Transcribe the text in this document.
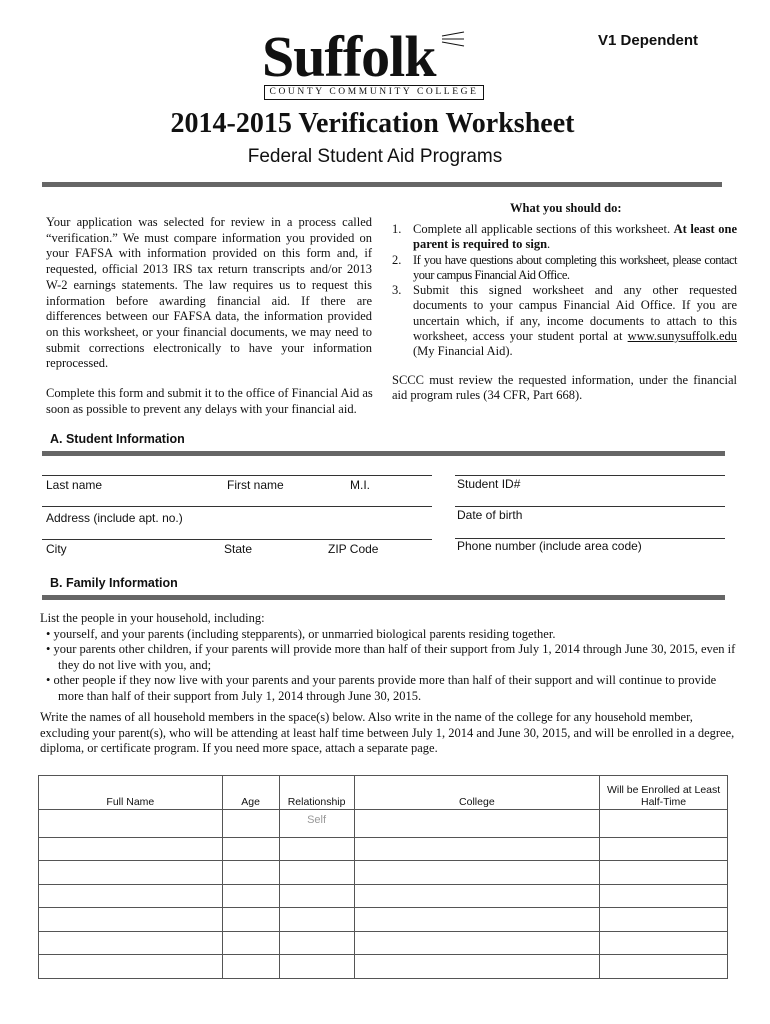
V1 Dependent
Suffolk
COUNTY COMMUNITY COLLEGE
2014-2015 Verification Worksheet
Federal Student Aid Programs
Your application was selected for review in a process called “verification.” We must compare information you provided on your FAFSA with information provided on this form and, if requested, official 2013 IRS tax return transcripts and/or 2013 W-2 earnings statements. The law requires us to request this information before awarding financial aid. If there are differences between our FAFSA data, the information provided on this worksheet, or your financial documents, we may need to submit corrections electronically to have your information reprocessed.
Complete this form and submit it to the office of Financial Aid as soon as possible to prevent any delays with your financial aid.
What you should do:
1. Complete all applicable sections of this worksheet. At least one parent is required to sign.
2. If you have questions about completing this worksheet, please contact your campus Financial Aid Office.
3. Submit this signed worksheet and any other requested documents to your campus Financial Aid Office. If you are uncertain which, if any, income documents to attach to this worksheet, access your student portal at www.sunysuffolk.edu (My Financial Aid).
SCCC must review the requested information, under the financial aid program rules (34 CFR, Part 668).
A. Student Information
Last name	First name	M.I.	Student ID#
Address (include apt. no.)	Date of birth
City	State	ZIP Code	Phone number (include area code)
B. Family Information
List the people in your household, including:
• yourself, and your parents (including stepparents), or unmarried biological parents residing together.
• your parents other children, if your parents will provide more than half of their support from July 1, 2014 through June 30, 2015, even if they do not live with you, and;
• other people if they now live with your parents and your parents provide more than half of their support and will continue to provide more than half of their support from July 1, 2014 through June 30, 2015.
Write the names of all household members in the space(s) below. Also write in the name of the college for any household member, excluding your parent(s), who will be attending at least half time between July 1, 2014 and June 30, 2015, and will be enrolled in a degree, diploma, or certificate program. If you need more space, attach a separate page.
Full Name	Age	Relationship	College	Will be Enrolled at Least Half-Time
		Self		
